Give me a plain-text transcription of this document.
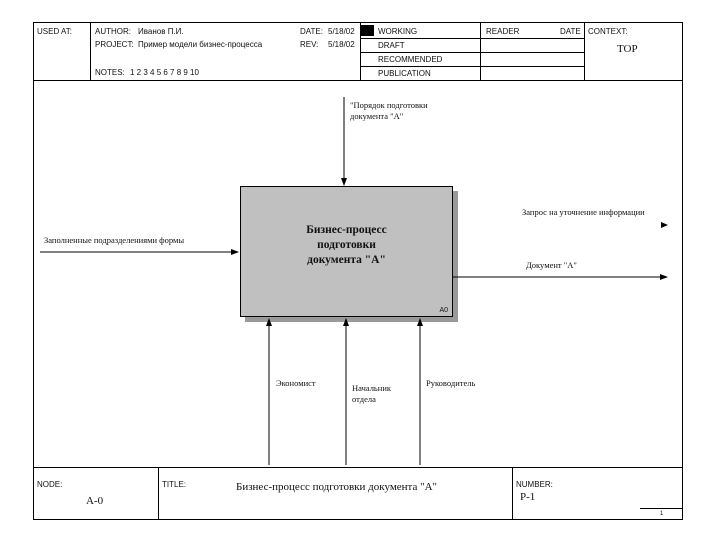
USED AT:	AUTHOR: Иванов П.И.
PROJECT: Пример модели бизнес-процесса
DATE: 5/18/02
REV: 5/18/02
NOTES: 1 2 3 4 5 6 7 8 9 10
WORKING
DRAFT
RECOMMENDED
PUBLICATION
READER	DATE CONTEXT:
TOP
Бизнес-процесс
подготовки
документа "А"
A0
"Порядок подготовки
документа "А"
Заполненные подразделениями формы
Запрос на уточнение информации
Документ "А"
Экономист	Начальник
отдела
Руководитель
NODE:
A-0
TITLE:	Бизнес-процесс подготовки документа "А"	NUMBER:
P-1
1
